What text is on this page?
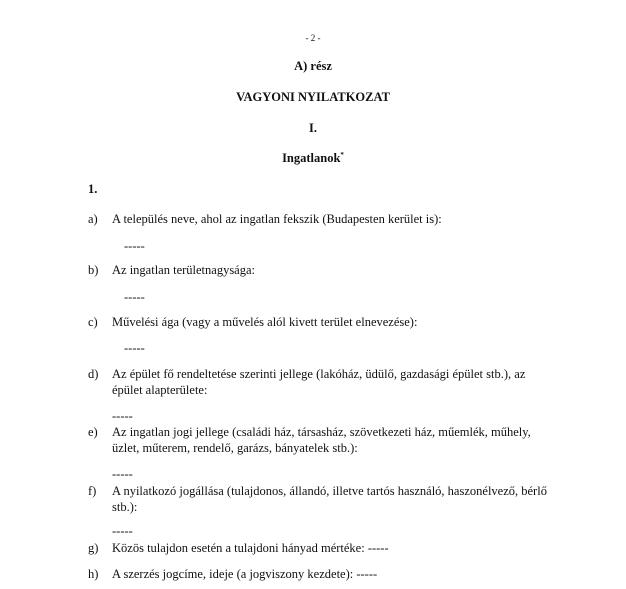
- 2 -
A) rész
VAGYONI NYILATKOZAT
I.
Ingatlanok*
1.
a) A település neve, ahol az ingatlan fekszik (Budapesten kerület is):
-----
b) Az ingatlan területnagysága:
-----
c) Művelési ága (vagy a művelés alól kivett terület elnevezése):
-----
d) Az épület fő rendeltetése szerinti jellege (lakóház, üdülő, gazdasági épület stb.), az
épület alapterülete:
-----
e) Az ingatlan jogi jellege (családi ház, társasház, szövetkezeti ház, műemlék, műhely,
üzlet, műterem, rendelő, garázs, bányatelek stb.):
-----
f) A nyilatkozó jogállása (tulajdonos, állandó, illetve tartós használó, haszonélvező, bérlő
stb.):
-----
g) Közös tulajdon esetén a tulajdoni hányad mértéke: -----
h) A szerzés jogcíme, ideje (a jogviszony kezdete): -----
